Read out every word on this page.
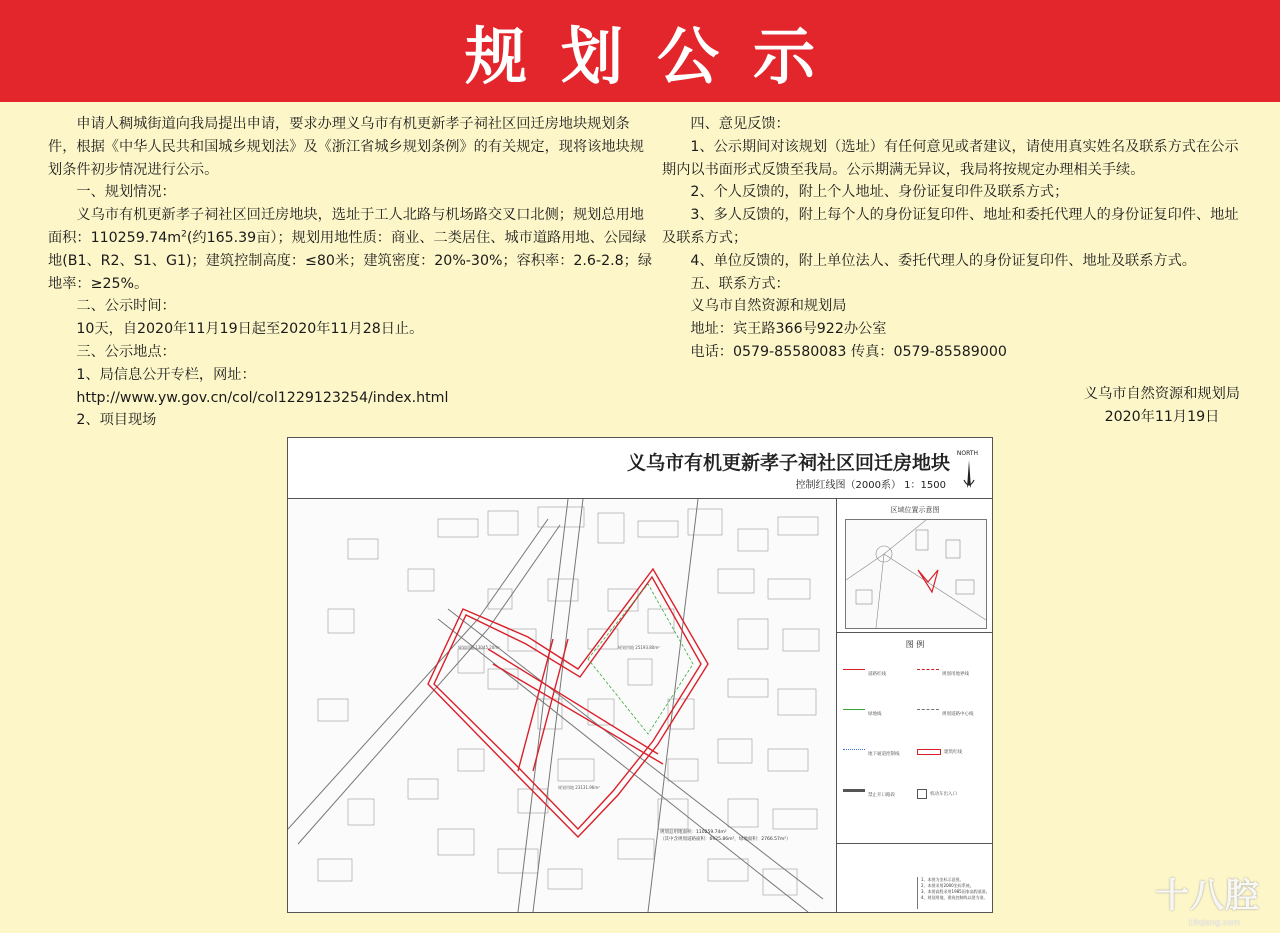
规划公示

申请人稠城街道向我局提出申请，要求办理义乌市有机更新孝子祠社区回迁房地块规划条件，根据《中华人民共和国城乡规划法》及《浙江省城乡规划条例》的有关规定，现将该地块规划条件初步情况进行公示。

一、规划情况：

义乌市有机更新孝子祠社区回迁房地块，选址于工人北路与机场路交叉口北侧；规划总用地面积：$110259.74m^2$(约165.39亩）；规划用地性质：商业、二类居住、城市道路用地、公园绿地(B1、R2、S1、G1)；建筑控制高度：≤80米；建筑密度：20%-30%；容积率：2.6-2.8；绿地率：≥25%。

二、公示时间：

10天，自2020年11月19日起至2020年11月28日止。

三、公示地点：

1、局信息公开专栏，网址：

http://www.yw.gov.cn/col/col1229123254/index.html

2、项目现场

四、意见反馈：

1、公示期间对该规划（选址）有任何意见或者建议，请使用真实姓名及联系方式在公示期内以书面形式反馈至我局。公示期满无异议，我局将按规定办理相关手续。

2、个人反馈的，附上个人地址、身份证复印件及联系方式；

3、多人反馈的，附上每个人的身份证复印件、地址和委托代理人的身份证复印件、地址及联系方式；

4、单位反馈的，附上单位法人、委托代理人的身份证复印件、地址及联系方式。

五、联系方式：

义乌市自然资源和规划局

地址：宾王路366号922办公室

电话：0579-85580083 传真：0579-85589000

义乌市自然资源和规划局
2020年11月19日
义乌市有机更新孝子祠社区回迁房地块
控制红线图（2000系） 1：1500
NORTH
规划用地 13045.20m²	规划用地 25193.80m²
规划用地 23131.96m²
规划总用地面积：110259.74m²
（其中含规划道路面积：6925.86m²，绿地面积：2766.57m²）
区域位置示意图
图 例
道路红线	规划用地界线
绿地线	规划道路中心线
地下通道控制线	建筑红线
禁止开口路段	机动车出入口
1、本图为坐标示意图。
2、本图采用2000坐标系统。
3、本图高程采用1985国家高程基准。
4、规划用地、建筑控制线以图为准。	十八腔
18qiang.com
